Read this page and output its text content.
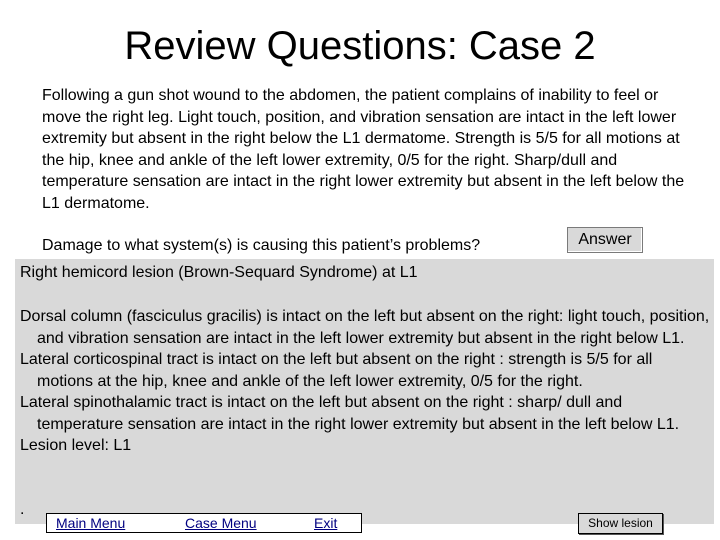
Review Questions: Case 2
Following a gun shot wound to the abdomen, the patient complains of inability to feel or move the right leg. Light touch, position, and vibration sensation are intact in the left lower extremity but absent in the right below the L1 dermatome. Strength is 5/5 for all motions at the hip, knee and ankle of the left lower extremity, 0/5 for the right. Sharp/dull and temperature sensation are intact in the right lower extremity but absent in the left below the L1 dermatome.
Damage to what system(s) is causing this patient’s problems?	Answer
Right hemicord lesion (Brown-Sequard Syndrome) at L1

Dorsal column (fasciculus gracilis) is intact on the left but absent on the right: light touch, position, and vibration sensation are intact in the left lower extremity but absent in the right below L1.

Lateral corticospinal tract is intact on the left but absent on the right : strength is 5/5 for all motions at the hip, knee and ankle of the left lower extremity, 0/5 for the right.

Lateral spinothalamic tract is intact on the left but absent on the right : sharp/ dull and temperature sensation are intact in the right lower extremity but absent in the left below L1.

Lesion level: L1

.
Main Menu	Case Menu	Exit	Show lesion
